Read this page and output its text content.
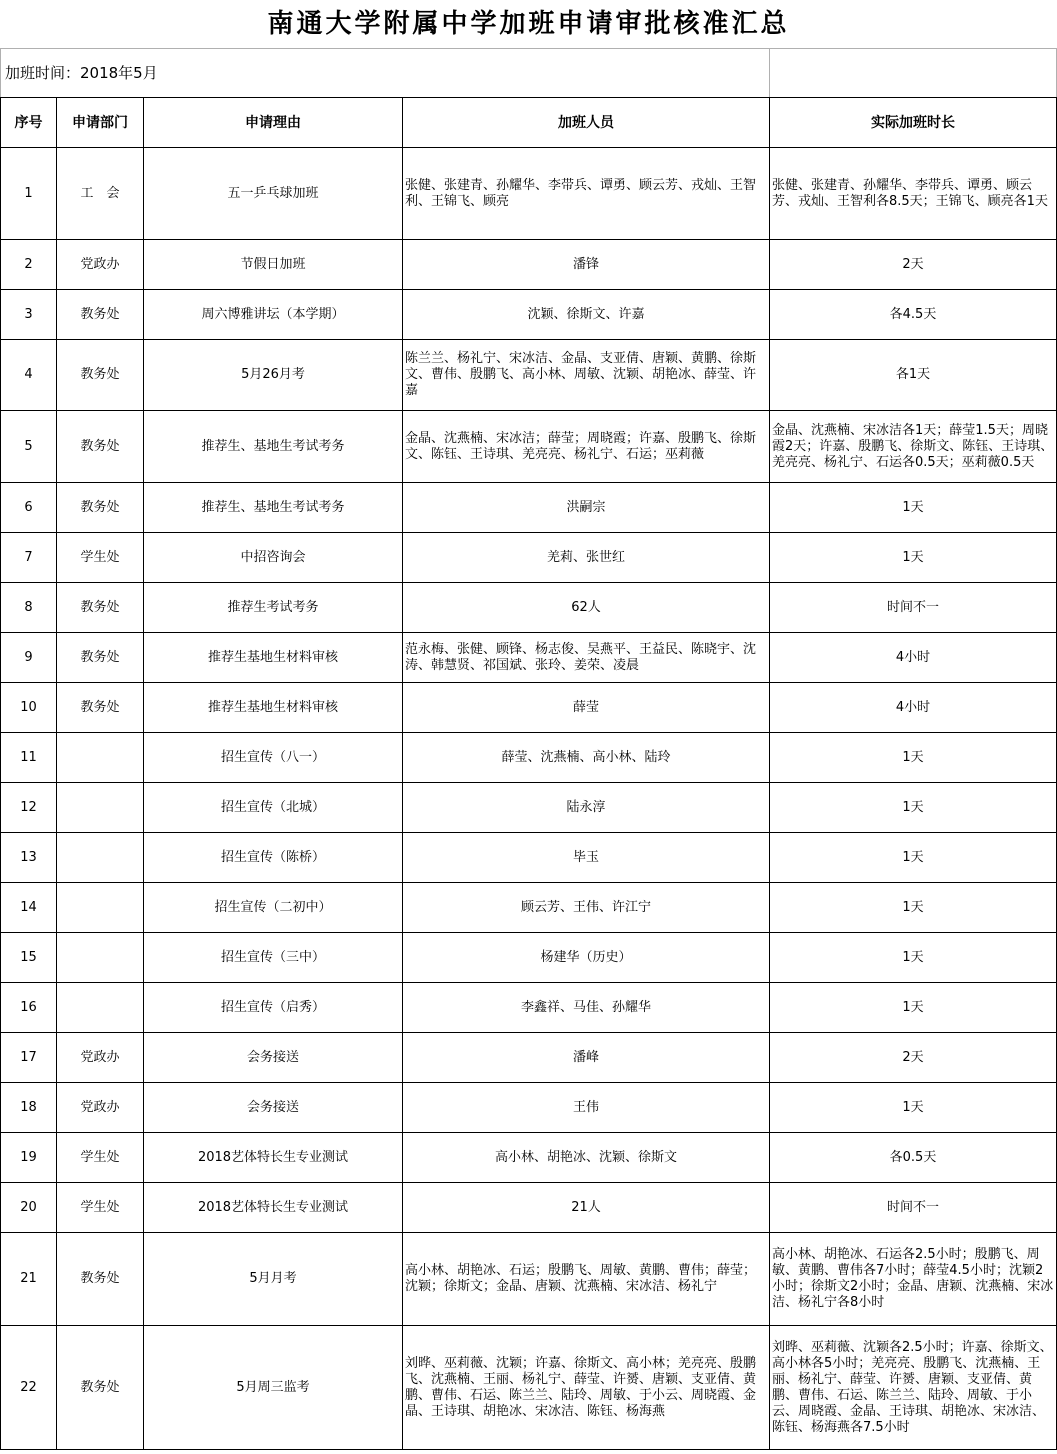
南通大学附属中学加班申请审批核准汇总				
加班时间：2018年5月				
序号	申请部门	申请理由	加班人员	实际加班时长
1	工　会	五一乒乓球加班	张健、张建青、孙耀华、李带兵、谭勇、顾云芳、戎灿、王智利、王锦飞、顾亮	张健、张建青、孙耀华、李带兵、谭勇、顾云芳、戎灿、王智利各8.5天；王锦飞、顾亮各1天
2	党政办	节假日加班	潘锋	2天
3	教务处	周六博雅讲坛（本学期）	沈颖、徐斯文、许嘉	各4.5天
4	教务处	5月26月考	陈兰兰、杨礼宁、宋冰洁、金晶、支亚倩、唐颖、黄鹏、徐斯文、曹伟、殷鹏飞、高小林、周敏、沈颖、胡艳冰、薛莹、许嘉	各1天
5	教务处	推荐生、基地生考试考务	金晶、沈燕楠、宋冰洁；薛莹；周晓霞；许嘉、殷鹏飞、徐斯文、陈钰、王诗琪、羌亮亮、杨礼宁、石运；巫莉薇	金晶、沈燕楠、宋冰洁各1天；薛莹1.5天；周晓霞2天；许嘉、殷鹏飞、徐斯文、陈钰、王诗琪、羌亮亮、杨礼宁、石运各0.5天；巫莉薇0.5天
6	教务处	推荐生、基地生考试考务	洪嗣宗	1天
7	学生处	中招咨询会	羌莉、张世红	1天
8	教务处	推荐生考试考务	62人	时间不一
9	教务处	推荐生基地生材料审核	范永梅、张健、顾锋、杨志俊、吴燕平、王益民、陈晓宇、沈涛、韩慧贤、祁国斌、张玲、姜荣、凌晨	4小时
10	教务处	推荐生基地生材料审核	薛莹	4小时
11		招生宣传（八一）	薛莹、沈燕楠、高小林、陆玲	1天
12		招生宣传（北城）	陆永淳	1天
13		招生宣传（陈桥）	毕玉	1天
14		招生宣传（二初中）	顾云芳、王伟、许江宁	1天
15		招生宣传（三中）	杨建华（历史）	1天
16		招生宣传（启秀）	李鑫祥、马佳、孙耀华	1天
17	党政办	会务接送	潘峰	2天
18	党政办	会务接送	王伟	1天
19	学生处	2018艺体特长生专业测试	高小林、胡艳冰、沈颖、徐斯文	各0.5天
20	学生处	2018艺体特长生专业测试	21人	时间不一
21	教务处	5月月考	高小林、胡艳冰、石运；殷鹏飞、周敏、黄鹏、曹伟；薛莹；沈颖；徐斯文；金晶、唐颖、沈燕楠、宋冰洁、杨礼宁	高小林、胡艳冰、石运各2.5小时；殷鹏飞、周敏、黄鹏、曹伟各7小时；薛莹4.5小时；沈颖2小时；徐斯文2小时；金晶、唐颖、沈燕楠、宋冰洁、杨礼宁各8小时
22	教务处	5月周三监考	刘晔、巫莉薇、沈颖；许嘉、徐斯文、高小林；羌亮亮、殷鹏飞、沈燕楠、王丽、杨礼宁、薛莹、许赟、唐颖、支亚倩、黄鹏、曹伟、石运、陈兰兰、陆玲、周敏、于小云、周晓霞、金晶、王诗琪、胡艳冰、宋冰洁、陈钰、杨海燕	刘晔、巫莉薇、沈颖各2.5小时；许嘉、徐斯文、高小林各5小时；羌亮亮、殷鹏飞、沈燕楠、王丽、杨礼宁、薛莹、许赟、唐颖、支亚倩、黄鹏、曹伟、石运、陈兰兰、陆玲、周敏、于小云、周晓霞、金晶、王诗琪、胡艳冰、宋冰洁、陈钰、杨海燕各7.5小时
